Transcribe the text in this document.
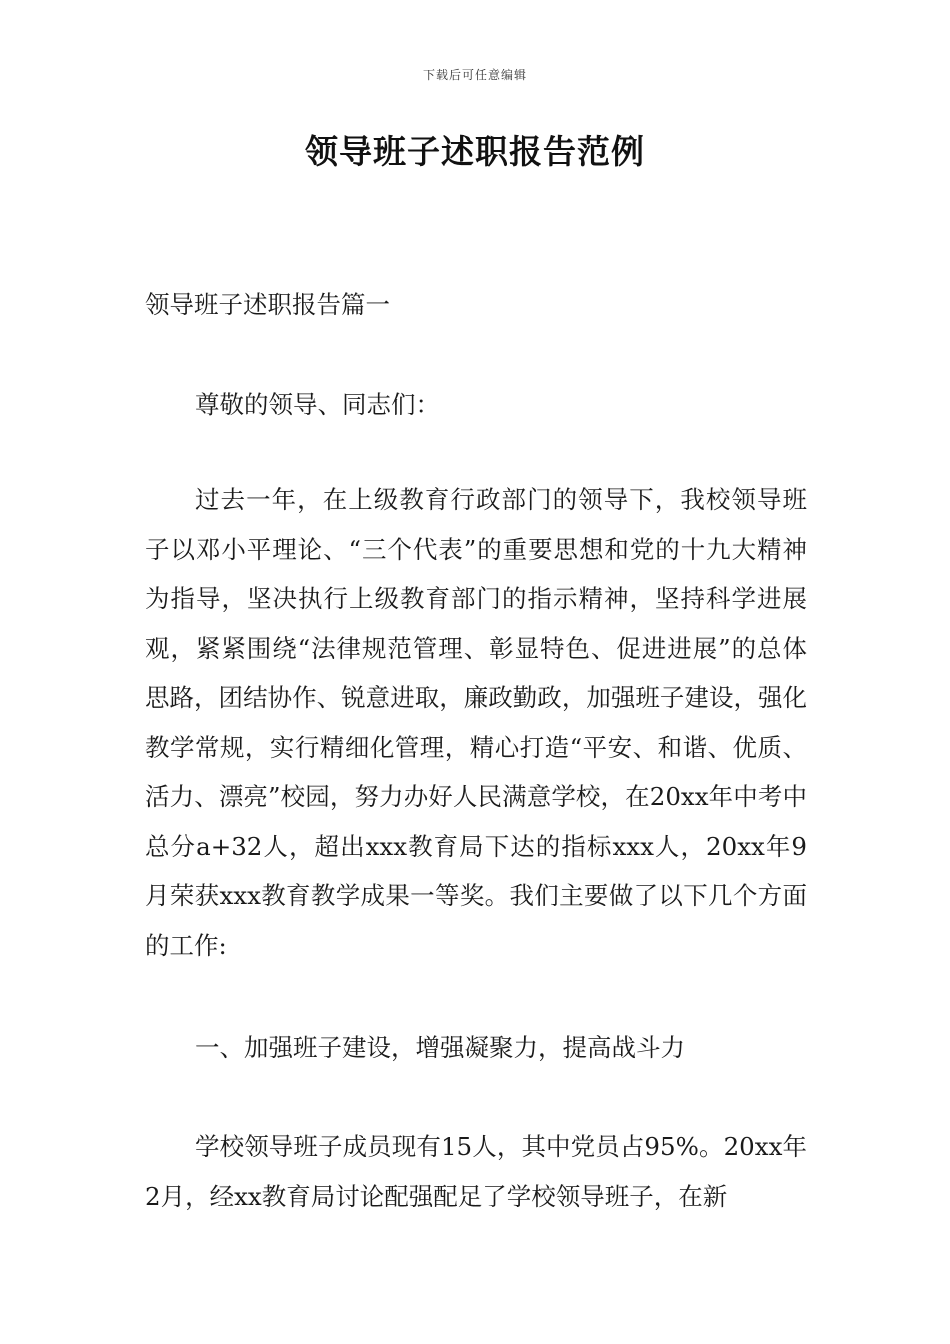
下载后可任意编辑
领导班子述职报告范例

领导班子述职报告篇一

尊敬的领导、同志们：

过去一年，在上级教育行政部门的领导下，我校领导班子以邓小平理论、“三个代表”的重要思想和党的十九大精神为指导，坚决执行上级教育部门的指示精神，坚持科学进展观，紧紧围绕“法律规范管理、彰显特色、促进进展”的总体思路，团结协作、锐意进取，廉政勤政，加强班子建设，强化教学常规，实行精细化管理，精心打造“平安、和谐、优质、活力、漂亮”校园，努力办好人民满意学校，在20xx年中考中总分a+32人，超出xxx教育局下达的指标xxx人，20xx年9月荣获xxx教育教学成果一等奖。我们主要做了以下几个方面的工作:

一、加强班子建设，增强凝聚力，提高战斗力

学校领导班子成员现有15人，其中党员占95%。20xx年2月，经xx教育局讨论配强配足了学校领导班子，在新
